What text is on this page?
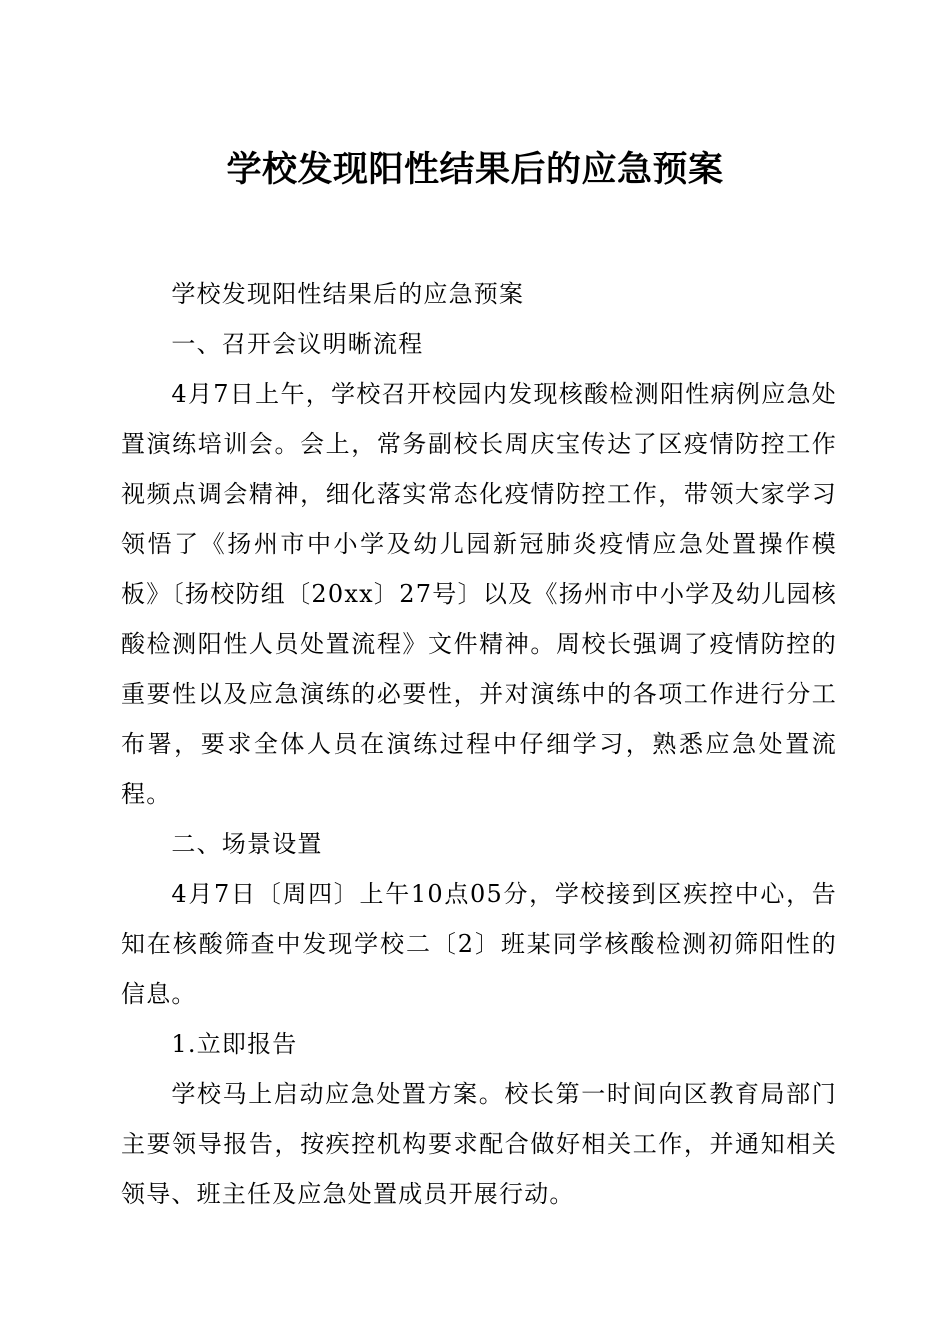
学校发现阳性结果后的应急预案

学校发现阳性结果后的应急预案

一、召开会议明晰流程

4月7日上午，学校召开校园内发现核酸检测阳性病例应急处置演练培训会。会上，常务副校长周庆宝传达了区疫情防控工作视频点调会精神，细化落实常态化疫情防控工作，带领大家学习领悟了《扬州市中小学及幼儿园新冠肺炎疫情应急处置操作模板》〔扬校防组〔20xx〕27号〕以及《扬州市中小学及幼儿园核酸检测阳性人员处置流程》文件精神。周校长强调了疫情防控的重要性以及应急演练的必要性，并对演练中的各项工作进行分工布署，要求全体人员在演练过程中仔细学习，熟悉应急处置流程。

二、场景设置

4月7日〔周四〕上午10点05分，学校接到区疾控中心，告知在核酸筛查中发现学校二〔2〕班某同学核酸检测初筛阳性的信息。

1.立即报告

学校马上启动应急处置方案。校长第一时间向区教育局部门主要领导报告，按疾控机构要求配合做好相关工作，并通知相关领导、班主任及应急处置成员开展行动。
